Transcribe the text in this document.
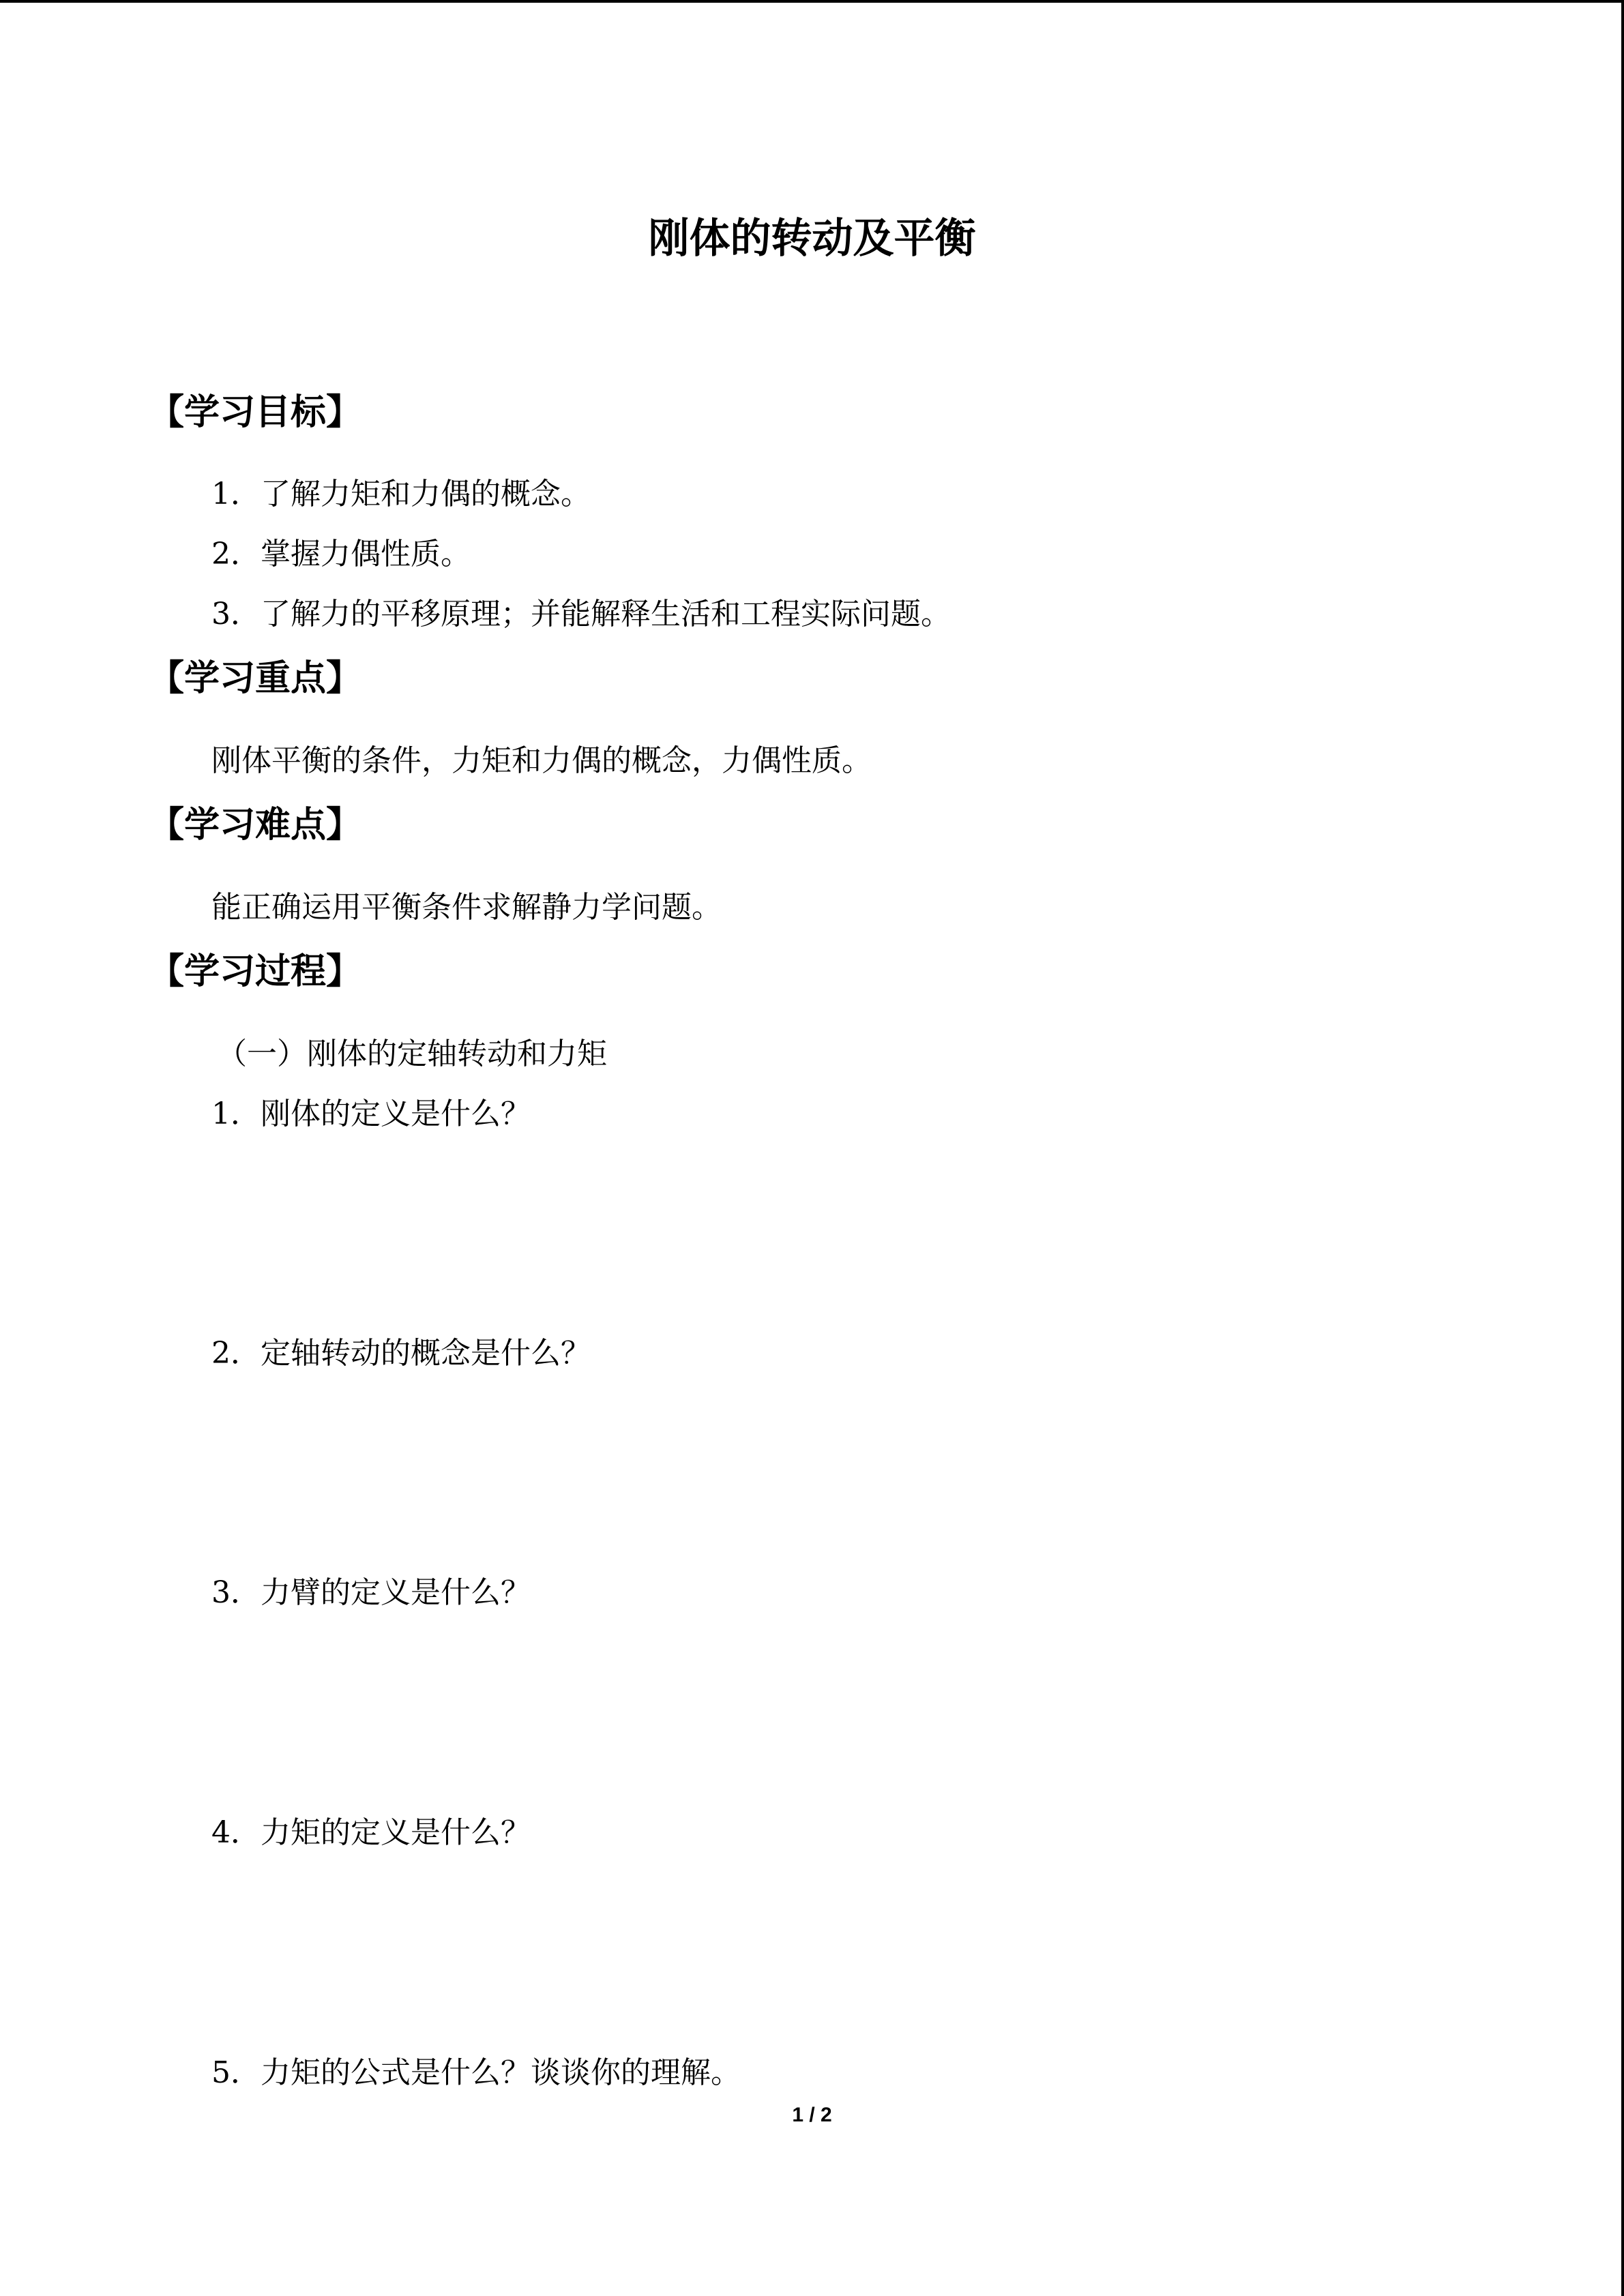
刚体的转动及平衡
【学习目标】
1．了解力矩和力偶的概念。
2．掌握力偶性质。
3．了解力的平移原理；并能解释生活和工程实际问题。
【学习重点】
刚体平衡的条件，力矩和力偶的概念，力偶性质。
【学习难点】
能正确运用平衡条件求解静力学问题。
【学习过程】
（一）刚体的定轴转动和力矩
1．刚体的定义是什么？
2．定轴转动的概念是什么？
3．力臂的定义是什么？
4．力矩的定义是什么？
5．力矩的公式是什么？谈谈你的理解。
1 / 2
